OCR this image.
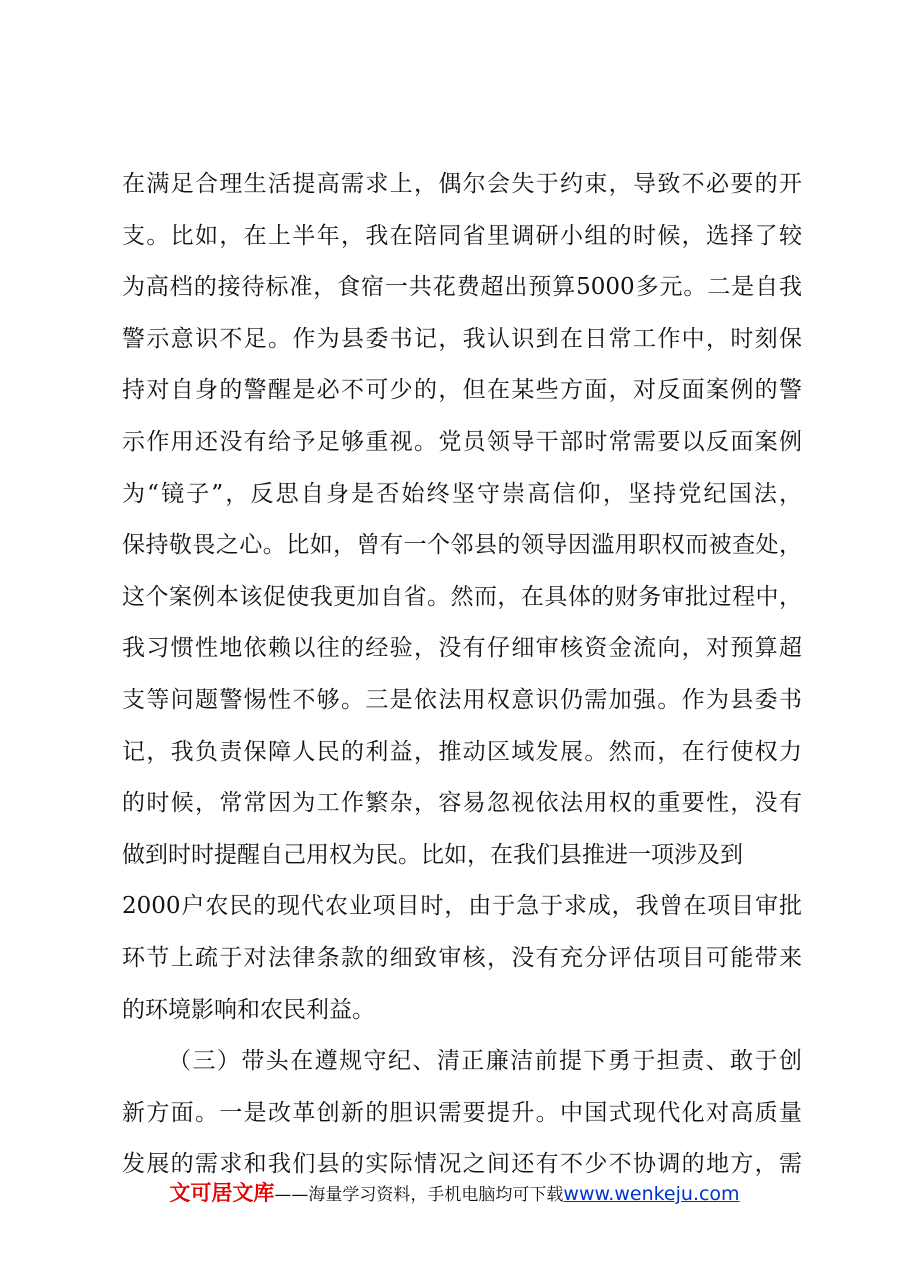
在满足合理生活提高需求上，偶尔会失于约束，导致不必要的开
支。比如，在上半年，我在陪同省里调研小组的时候，选择了较
为高档的接待标准，食宿一共花费超出预算5000多元。二是自我
警示意识不足。作为县委书记，我认识到在日常工作中，时刻保
持对自身的警醒是必不可少的，但在某些方面，对反面案例的警
示作用还没有给予足够重视。党员领导干部时常需要以反面案例
为“镜子”，反思自身是否始终坚守崇高信仰，坚持党纪国法，
保持敬畏之心。比如，曾有一个邻县的领导因滥用职权而被查处，
这个案例本该促使我更加自省。然而，在具体的财务审批过程中，
我习惯性地依赖以往的经验，没有仔细审核资金流向，对预算超
支等问题警惕性不够。三是依法用权意识仍需加强。作为县委书
记，我负责保障人民的利益，推动区域发展。然而，在行使权力
的时候，常常因为工作繁杂，容易忽视依法用权的重要性，没有
做到时时提醒自己用权为民。比如，在我们县推进一项涉及到
2000户农民的现代农业项目时，由于急于求成，我曾在项目审批
环节上疏于对法律条款的细致审核，没有充分评估项目可能带来
的环境影响和农民利益。
（三）带头在遵规守纪、清正廉洁前提下勇于担责、敢于创
新方面。一是改革创新的胆识需要提升。中国式现代化对高质量
发展的需求和我们县的实际情况之间还有不少不协调的地方，需
文可居文库——海量学习资料，手机电脑均可下载www.wenkeju.com
